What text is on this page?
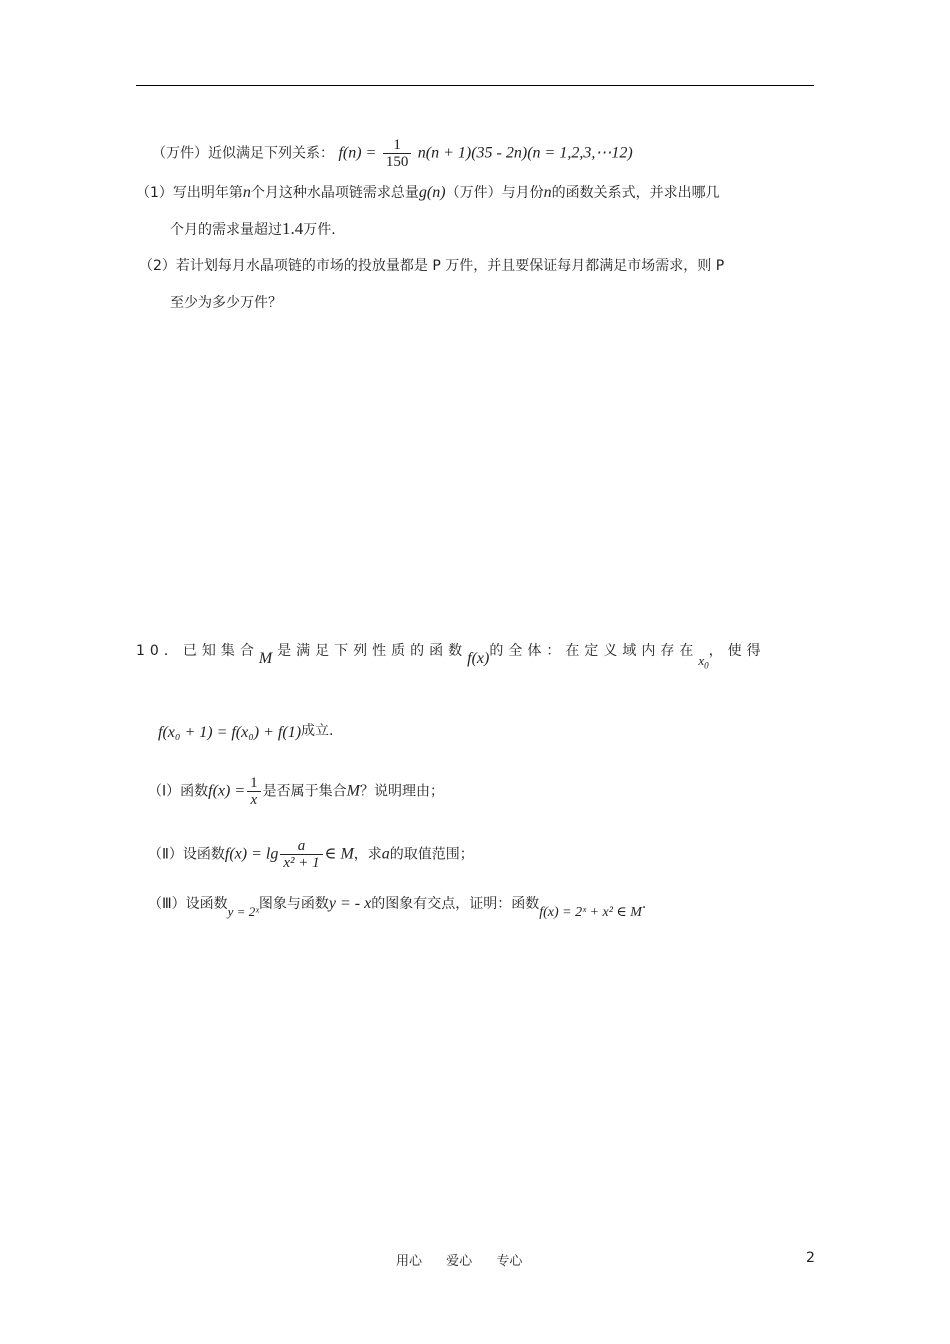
（万件）近似满足下列关系： $f(n) = \frac{1}{150} n(n + 1)(35 - 2n)(n$ = 1,2,3,⋯12)
（1）写出明年第n个月这种水晶项链需求总量g(n)（万件）与月份n的函数关系式，并求出哪几
个月的需求量超过1.4万件.
（2）若计划每月水晶项链的市场的投放量都是 P 万件，并且要保证每月都满足市场需求，则 P
至少为多少万件？
10．已知集合M是满足下列性质的函数f(x)的全体：在定义域内存在$x_0$，使得
f(x₀ + 1) = f(x₀) + f(1)成立.
（Ⅰ）函数$f(x) = \frac{1}{x}$ 是否属于集合M？说明理由；
（Ⅱ）设函数$f(x) = \lg \frac{a}{\text{x² + 1}}$ ∈ M，求a的取值范围；
（Ⅲ）设函数y = 2ˣ图象与函数y = - x的图象有交点，证明：函数f(x) = 2ˣ + x² ∈ M.
用心 爱心 专心	2
